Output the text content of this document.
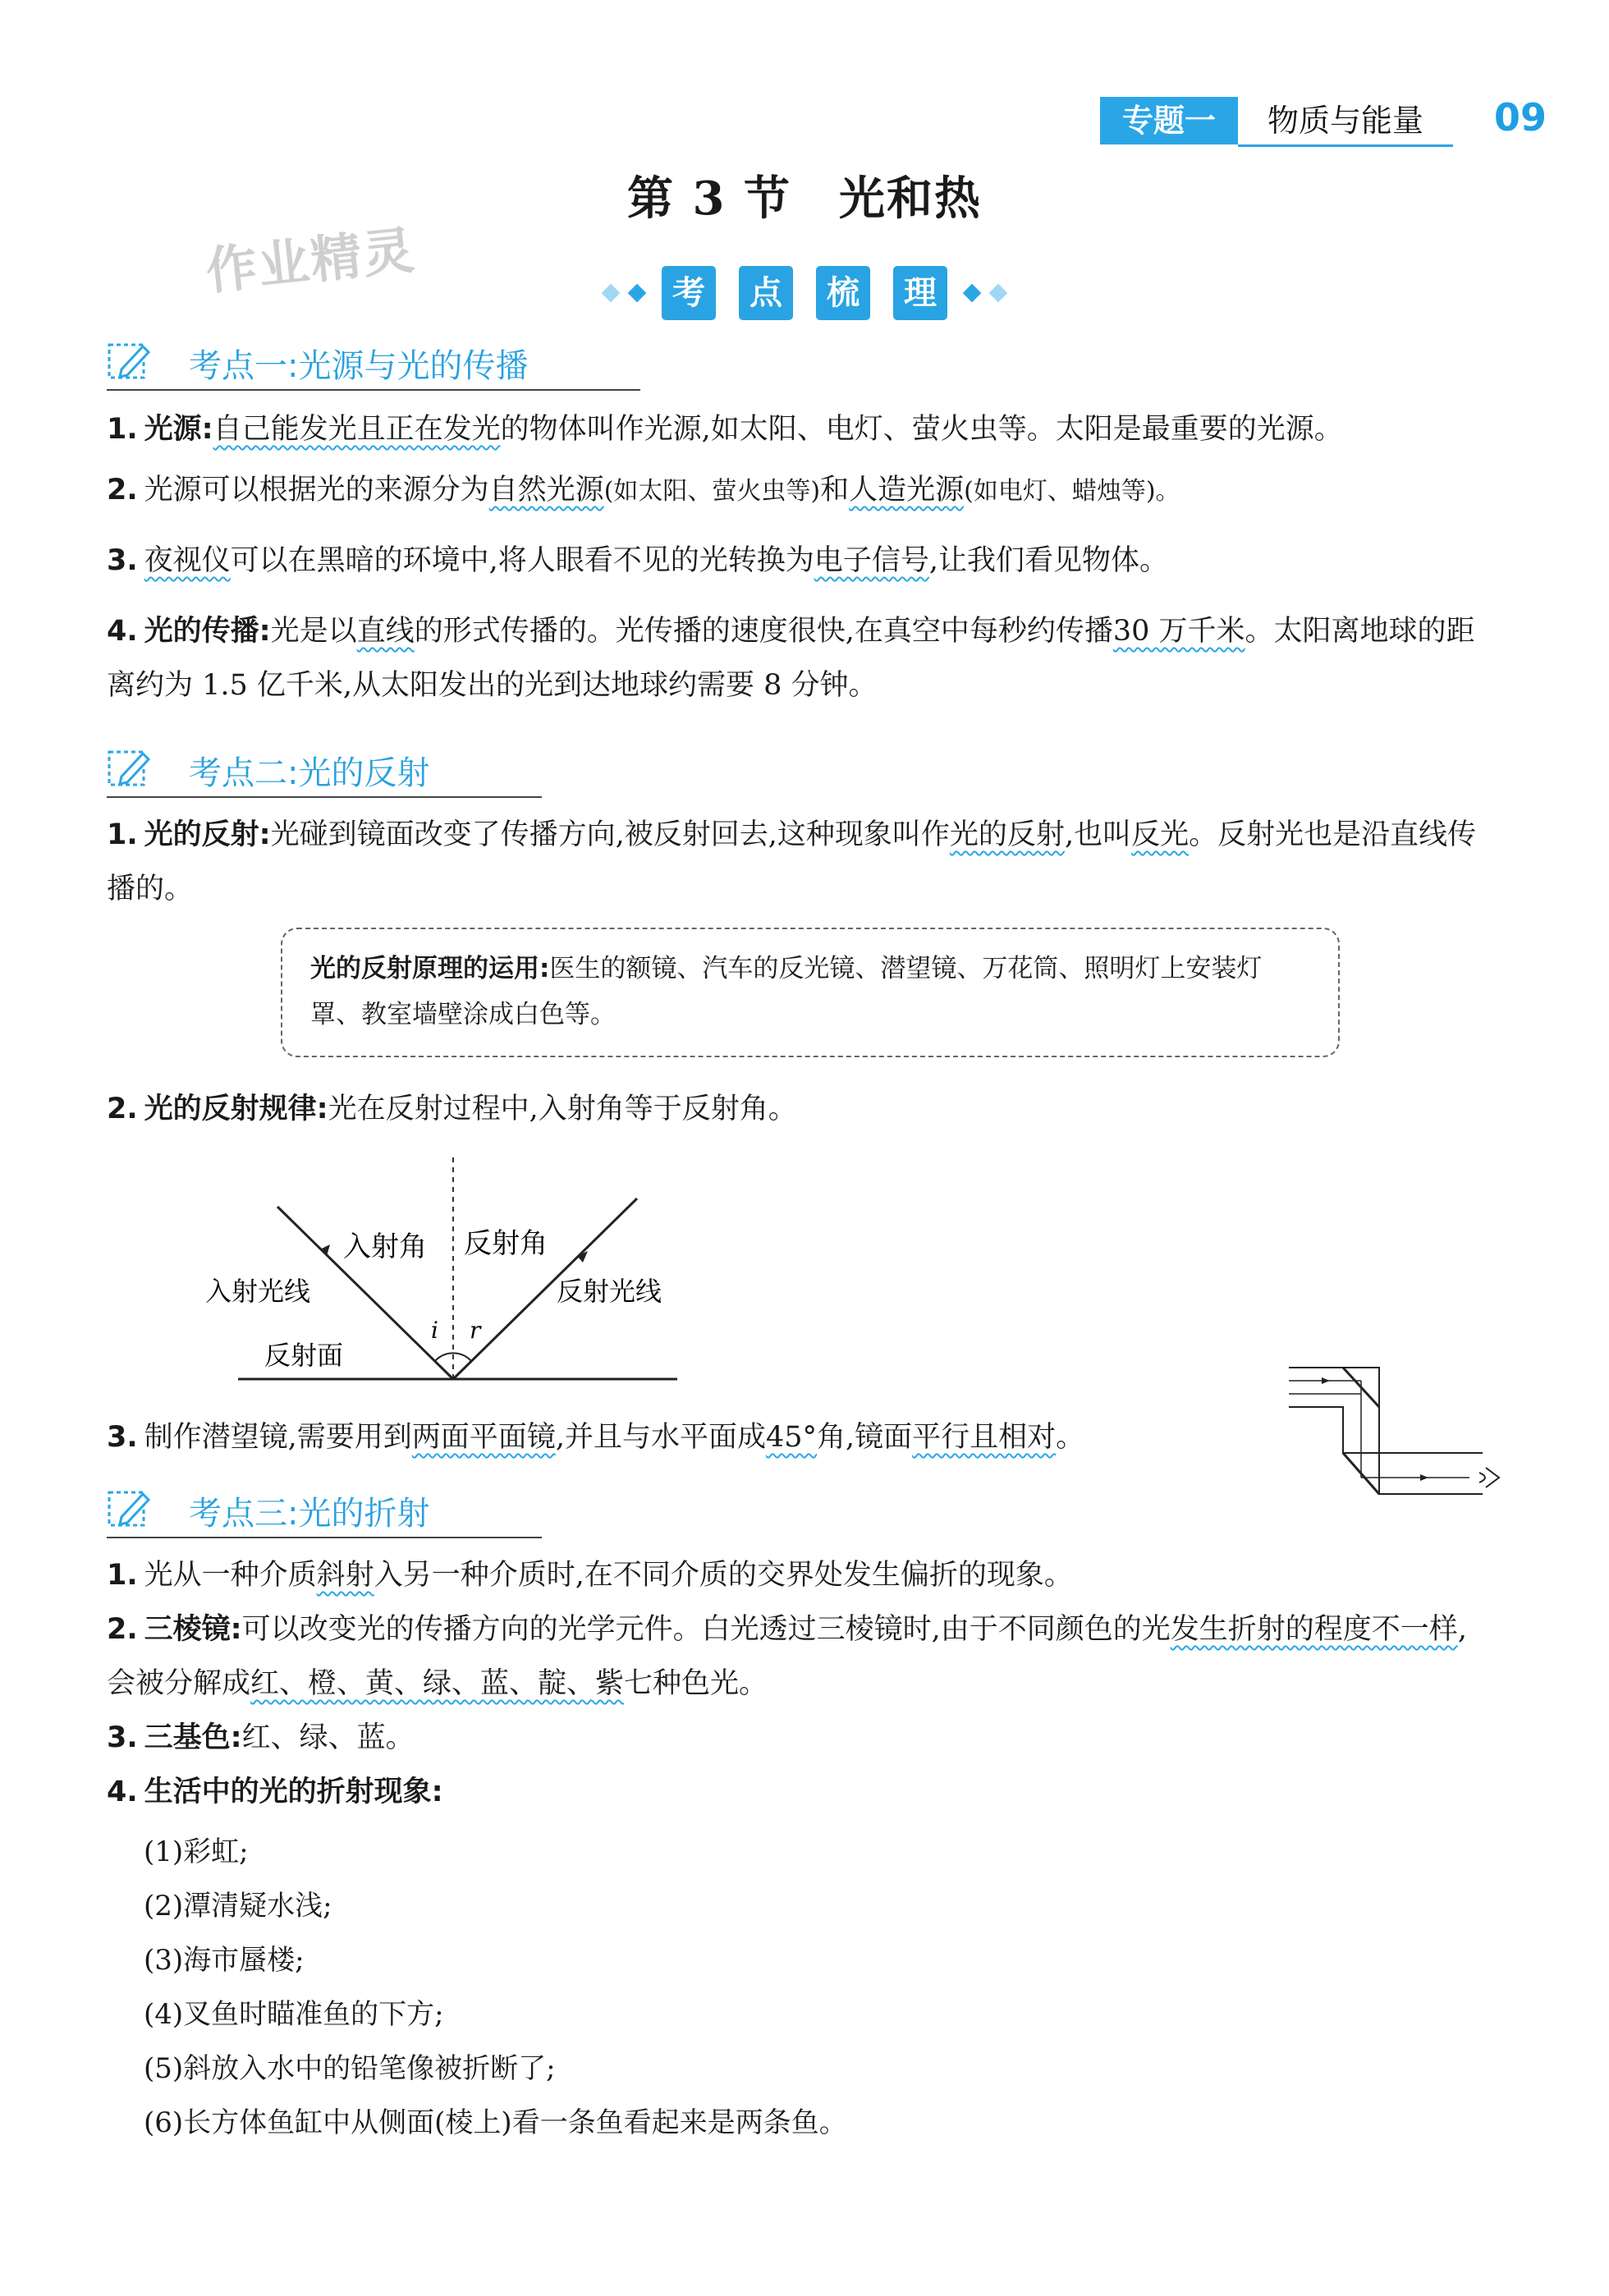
专题一	物质与能量	09
第 3 节　光和热
作业精灵	考	点	梳	理
考点一:光源与光的传播
1. 光源:自己能发光且正在发光的物体叫作光源,如太阳、电灯、萤火虫等。太阳是最重要的光源。
2. 光源可以根据光的来源分为自然光源(如太阳、萤火虫等)和人造光源(如电灯、蜡烛等)。
3. 夜视仪可以在黑暗的环境中,将人眼看不见的光转换为电子信号,让我们看见物体。
4. 光的传播:光是以直线的形式传播的。光传播的速度很快,在真空中每秒约传播30 万千米。太阳离地球的距离约为 1.5 亿千米,从太阳发出的光到达地球约需要 8 分钟。
考点二:光的反射
1. 光的反射:光碰到镜面改变了传播方向,被反射回去,这种现象叫作光的反射,也叫反光。反射光也是沿直线传播的。
光的反射原理的运用:医生的额镜、汽车的反光镜、潜望镜、万花筒、照明灯上安装灯罩、教室墙壁涂成白色等。
2. 光的反射规律:光在反射过程中,入射角等于反射角。
入射角 反射角
入射光线	反射光线
反射面
i r
3. 制作潜望镜,需要用到两面平面镜,并且与水平面成45°角,镜面平行且相对。
考点三:光的折射
1. 光从一种介质斜射入另一种介质时,在不同介质的交界处发生偏折的现象。
2. 三棱镜:可以改变光的传播方向的光学元件。白光透过三棱镜时,由于不同颜色的光发生折射的程度不一样,会被分解成红、橙、黄、绿、蓝、靛、紫七种色光。
3. 三基色:红、绿、蓝。
4. 生活中的光的折射现象:
(1)彩虹;
(2)潭清疑水浅;
(3)海市蜃楼;
(4)叉鱼时瞄准鱼的下方;
(5)斜放入水中的铅笔像被折断了;
(6)长方体鱼缸中从侧面(棱上)看一条鱼看起来是两条鱼。
